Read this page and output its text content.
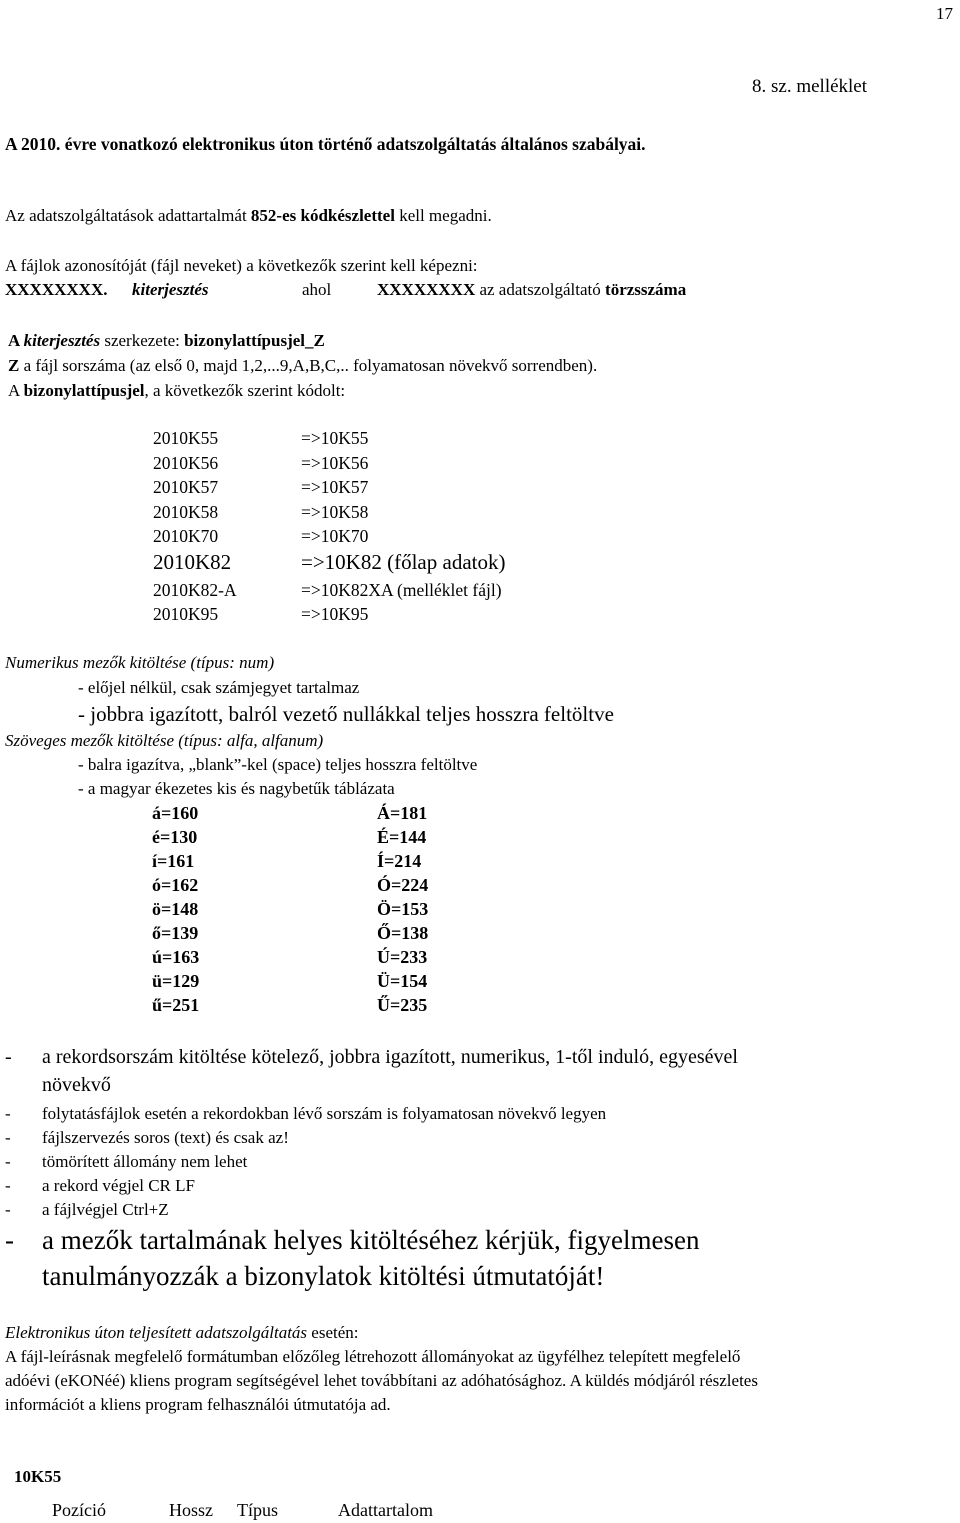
17
8. sz. melléklet
A 2010. évre vonatkozó elektronikus úton történő adatszolgáltatás általános szabályai.
Az adatszolgáltatások adattartalmát 852-es kódkészlettel kell megadni.
A fájlok azonosítóját (fájl neveket) a következők szerint kell képezni:
XXXXXXXX. kiterjesztés	ahol	XXXXXXXX az adatszolgáltató törzsszáma
A kiterjesztés szerkezete: bizonylattípusjel_Z
Z a fájl sorszáma (az első 0, majd 1,2,...9,A,B,C,.. folyamatosan növekvő sorrendben).
A bizonylattípusjel, a következők szerint kódolt:
2010K55	=>10K55
2010K56	=>10K56
2010K57	=>10K57
2010K58	=>10K58
2010K70	=>10K70
2010K82	=>10K82 (főlap adatok)
2010K82-A	=>10K82XA (melléklet fájl)
2010K95	=>10K95
Numerikus mezők kitöltése (típus: num)
- előjel nélkül, csak számjegyet tartalmaz
- jobbra igazított, balról vezető nullákkal teljes hosszra feltöltve
Szöveges mezők kitöltése (típus: alfa, alfanum)
- balra igazítva, „blank”-kel (space) teljes hosszra feltöltve
- a magyar ékezetes kis és nagybetűk táblázata
á=160	Á=181
é=130	É=144
í=161	Í=214
ó=162	Ó=224
ö=148	Ö=153
ő=139	Ő=138
ú=163	Ú=233
ü=129	Ü=154
ű=251	Ű=235
- a rekordsorszám kitöltése kötelező, jobbra igazított, numerikus, 1-től induló, egyesével
növekvő
- folytatásfájlok esetén a rekordokban lévő sorszám is folyamatosan növekvő legyen
- fájlszervezés soros (text) és csak az!
- tömörített állomány nem lehet
- a rekord végjel CR LF
- a fájlvégjel Ctrl+Z
- a mezők tartalmának helyes kitöltéséhez kérjük, figyelmesen
tanulmányozzák a bizonylatok kitöltési útmutatóját!
Elektronikus úton teljesített adatszolgáltatás esetén:
A fájl-leírásnak megfelelő formátumban előzőleg létrehozott állományokat az ügyfélhez telepített megfelelő
adóévi (eKONéé) kliens program segítségével lehet továbbítani az adóhatósághoz. A küldés módjáról részletes
információt a kliens program felhasználói útmutatója ad.
10K55
Pozíció	Hossz Típus	Adattartalom
